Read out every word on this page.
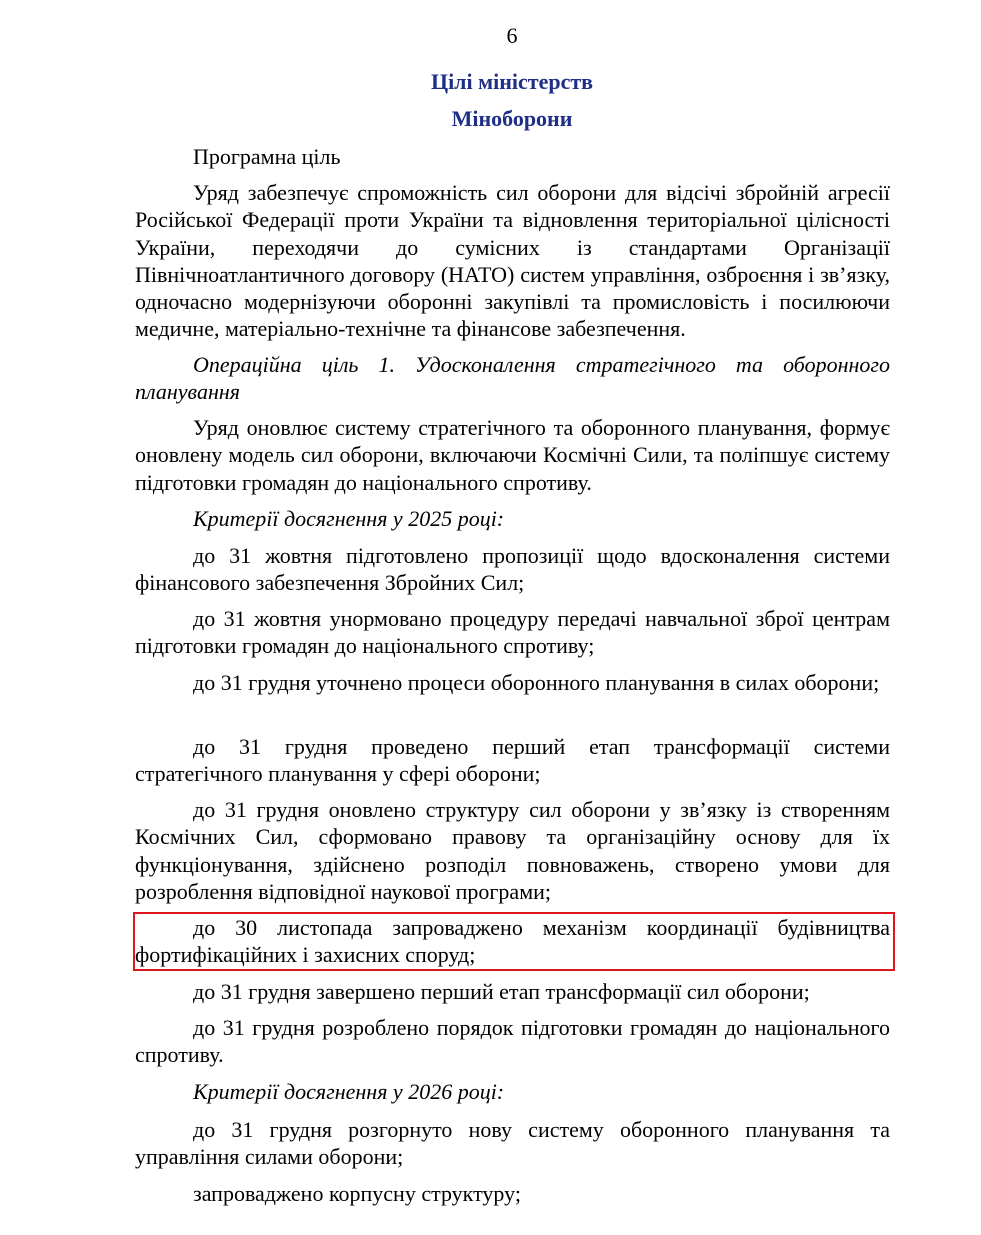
6
Цілі міністерств
Міноборони

Програмна ціль

Уряд забезпечує спроможність сил оборони для відсічі збройній агресії Російської Федерації проти України та відновлення територіальної цілісності України, переходячи до сумісних із стандартами Організації Північноатлантичного договору (НАТО) систем управління, озброєння і зв’язку, одночасно модернізуючи оборонні закупівлі та промисловість і посилюючи медичне, матеріально-технічне та фінансове забезпечення.

Операційна ціль 1. Удосконалення стратегічного та оборонного планування

Уряд оновлює систему стратегічного та оборонного планування, формує оновлену модель сил оборони, включаючи Космічні Сили, та поліпшує систему підготовки громадян до національного спротиву.

Критерії досягнення у 2025 році:

до 31 жовтня підготовлено пропозиції щодо вдосконалення системи фінансового забезпечення Збройних Сил;

до 31 жовтня унормовано процедуру передачі навчальної зброї центрам підготовки громадян до національного спротиву;

до 31 грудня уточнено процеси оборонного планування в силах оборони;

до 31 грудня проведено перший етап трансформації системи стратегічного планування у сфері оборони;

до 31 грудня оновлено структуру сил оборони у зв’язку із створенням Космічних Сил, сформовано правову та організаційну основу для їх функціонування, здійснено розподіл повноважень, створено умови для розроблення відповідної наукової програми;

до 30 листопада запроваджено механізм координації будівництва фортифікаційних і захисних споруд;

до 31 грудня завершено перший етап трансформації сил оборони;

до 31 грудня розроблено порядок підготовки громадян до національного спротиву.

Критерії досягнення у 2026 році:

до 31 грудня розгорнуто нову систему оборонного планування та управління силами оборони;

запроваджено корпусну структуру;
